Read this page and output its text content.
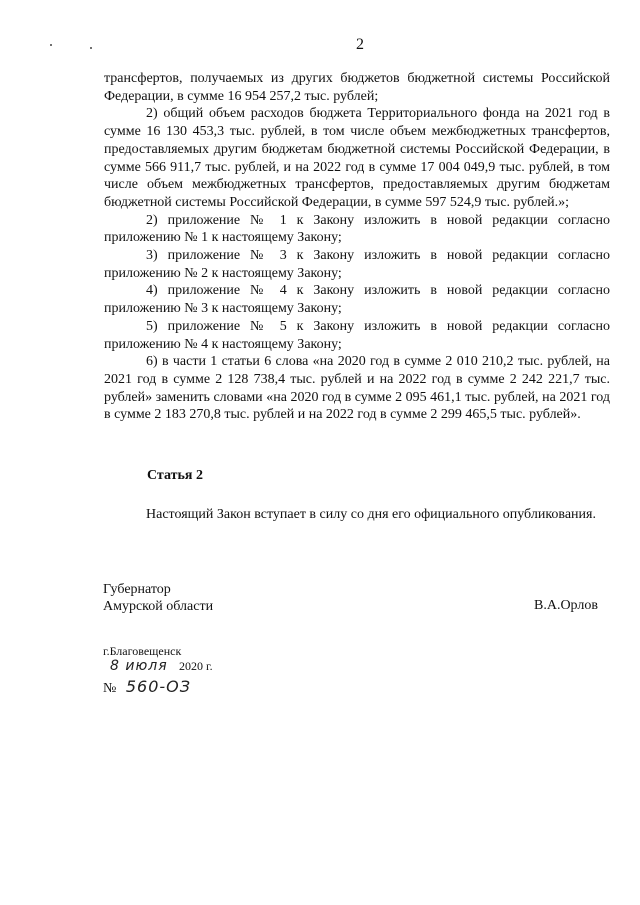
2

трансфертов, получаемых из других бюджетов бюджетной системы Российской Федерации, в сумме 16 954 257,2 тыс. рублей;

2) общий объем расходов бюджета Территориального фонда на 2021 год в сумме 16 130 453,3 тыс. рублей, в том числе объем межбюджетных трансфертов, предоставляемых другим бюджетам бюджетной системы Российской Федерации, в сумме 566 911,7 тыс. рублей, и на 2022 год в сумме 17 004 049,9 тыс. рублей, в том числе объем межбюджетных трансфертов, предоставляемых другим бюджетам бюджетной системы Российской Федерации, в сумме 597 524,9 тыс. рублей.»;

2) приложение № 1 к Закону изложить в новой редакции согласно приложению № 1 к настоящему Закону;

3) приложение № 3 к Закону изложить в новой редакции согласно приложению № 2 к настоящему Закону;

4) приложение № 4 к Закону изложить в новой редакции согласно приложению № 3 к настоящему Закону;

5) приложение № 5 к Закону изложить в новой редакции согласно приложению № 4 к настоящему Закону;

6) в части 1 статьи 6 слова «на 2020 год в сумме 2 010 210,2 тыс. рублей, на 2021 год в сумме 2 128 738,4 тыс. рублей и на 2022 год в сумме 2 242 221,7 тыс. рублей» заменить словами «на 2020 год в сумме 2 095 461,1 тыс. рублей, на 2021 год в сумме 2 183 270,8 тыс. рублей и на 2022 год в сумме 2 299 465,5 тыс. рублей».

Статья 2
Настоящий Закон вступает в силу со дня его официального опубликования.
Губернатор
Амурской области	В.А.Орлов
г.Благовещенск
8 июля 2020 г.
№ 560-ОЗ
